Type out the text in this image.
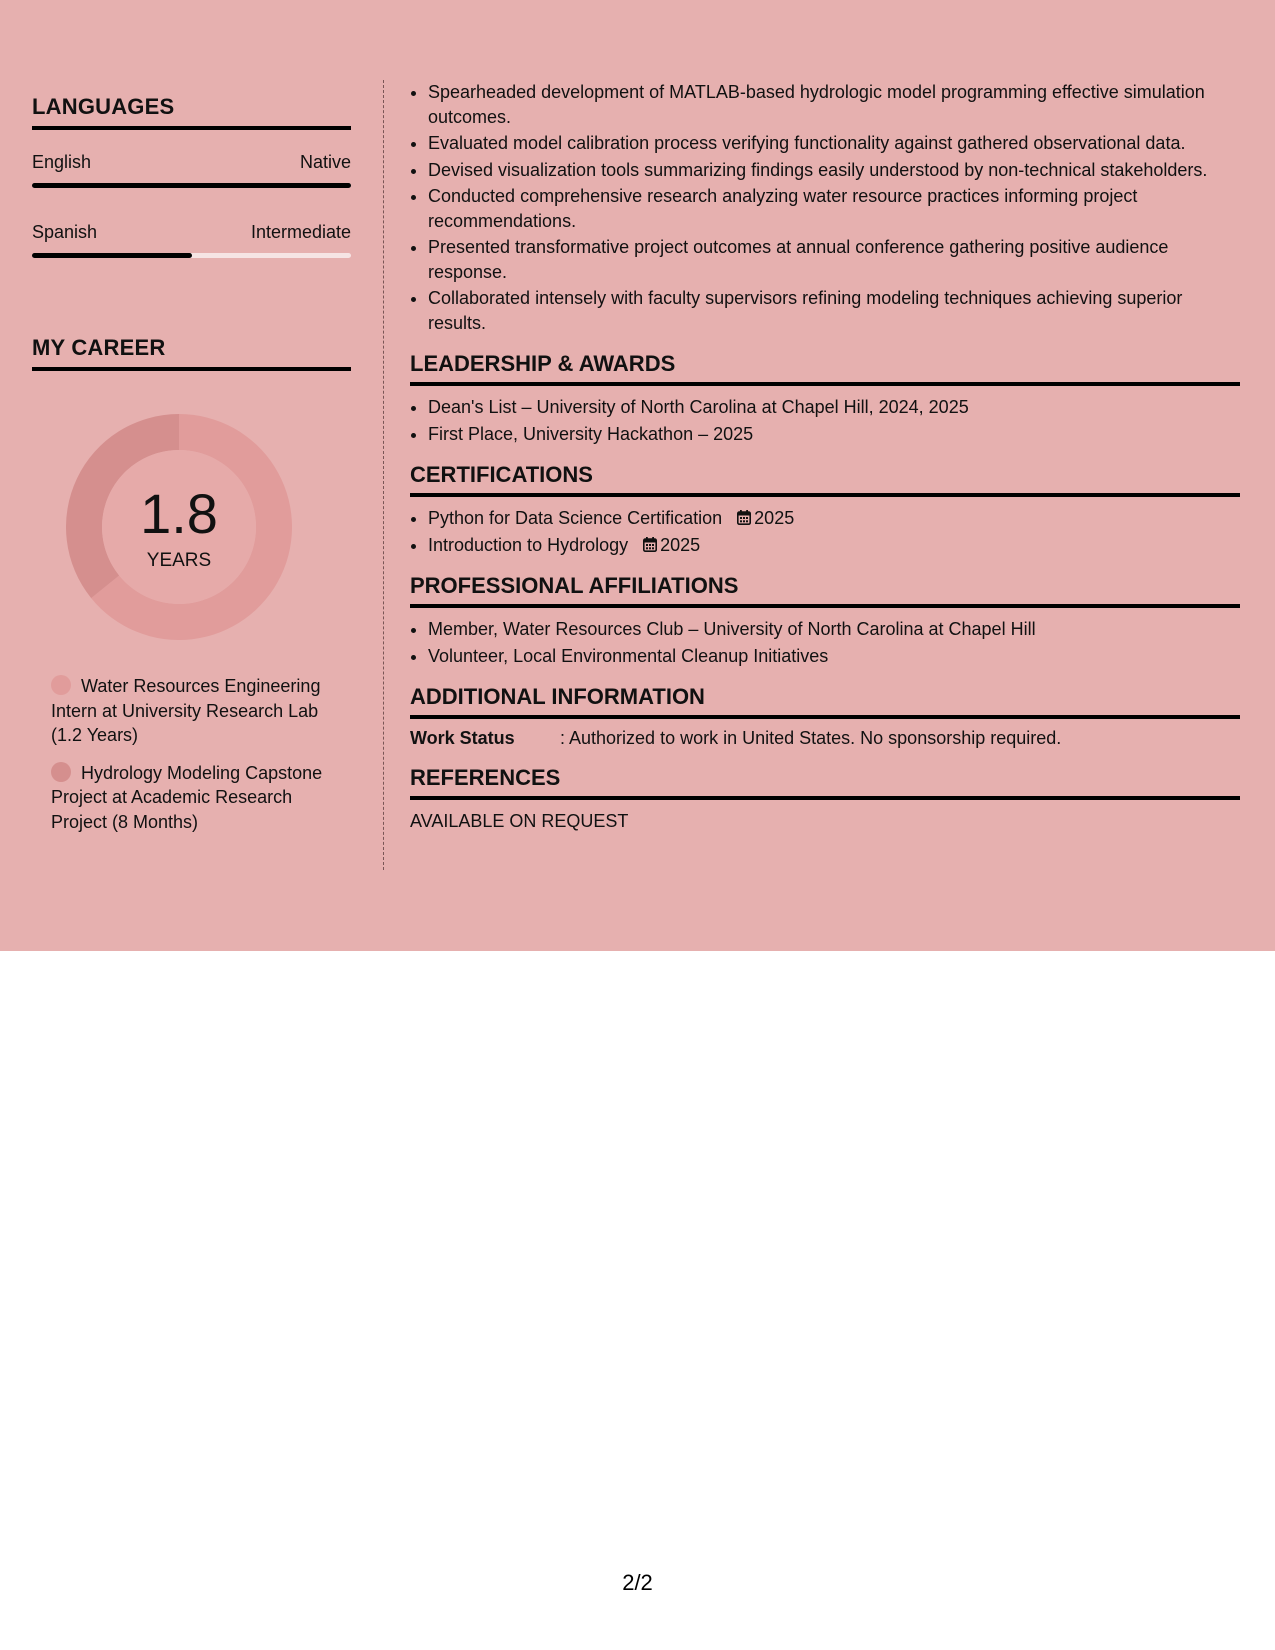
LANGUAGES
English	Native
Spanish	Intermediate
MY CAREER
1.8
YEARS
Water Resources Engineering Intern at University Research Lab (1.2 Years)
Hydrology Modeling Capstone Project at Academic Research Project (8 Months)
• Spearheaded development of MATLAB-based hydrologic model programming effective simulation outcomes.
• Evaluated model calibration process verifying functionality against gathered observational data.
• Devised visualization tools summarizing findings easily understood by non-technical stakeholders.
• Conducted comprehensive research analyzing water resource practices informing project recommendations.
• Presented transformative project outcomes at annual conference gathering positive audience response.
• Collaborated intensely with faculty supervisors refining modeling techniques achieving superior results.
LEADERSHIP & AWARDS
• Dean's List – University of North Carolina at Chapel Hill, 2024, 2025
• First Place, University Hackathon – 2025
CERTIFICATIONS
• Python for Data Science Certification 2025
• Introduction to Hydrology 2025
PROFESSIONAL AFFILIATIONS
• Member, Water Resources Club – University of North Carolina at Chapel Hill
• Volunteer, Local Environmental Cleanup Initiatives
ADDITIONAL INFORMATION
Work Status	: Authorized to work in United States. No sponsorship required.
REFERENCES
AVAILABLE ON REQUEST
2/2
